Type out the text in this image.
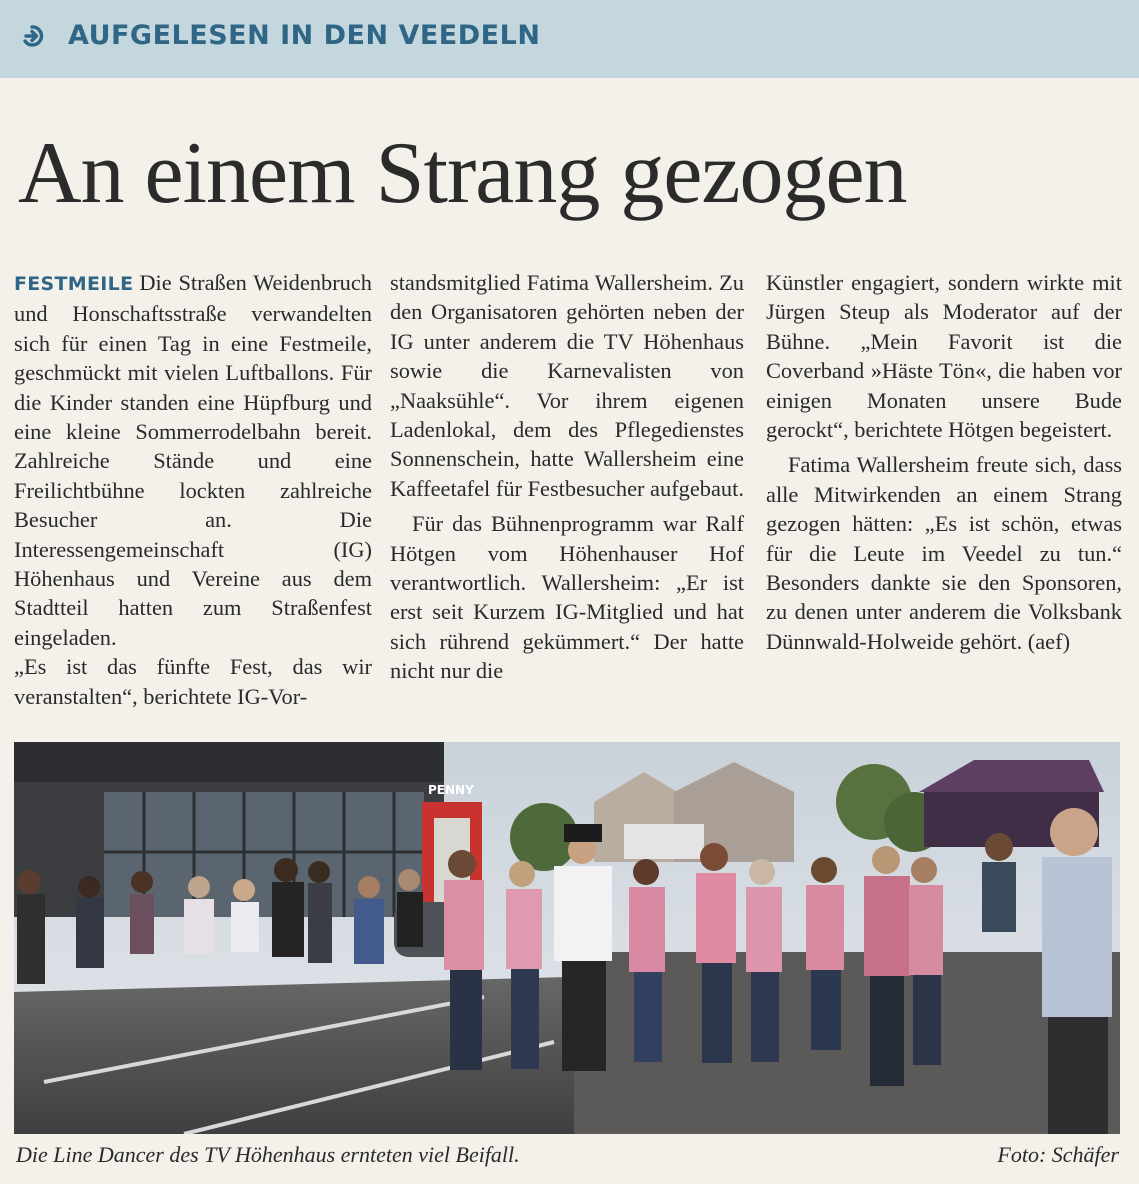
AUFGELESEN IN DEN VEEDELN
An einem Strang gezogen

FESTMEILE Die Straßen Weidenbruch und Honschaftsstraße verwandelten sich für einen Tag in eine Festmeile, geschmückt mit vielen Luftballons. Für die Kinder standen eine Hüpfburg und eine kleine Sommerrodelbahn bereit. Zahlreiche Stände und eine Freilichtbühne lockten zahlreiche Besucher an. Die Interessengemeinschaft (IG) Höhenhaus und Vereine aus dem Stadtteil hatten zum Straßenfest eingeladen.

„Es ist das fünfte Fest, das wir veranstalten“, berichtete IG-Vor-

standsmitglied Fatima Wallersheim. Zu den Organisatoren gehörten neben der IG unter anderem die TV Höhenhaus sowie die Karnevalisten von „Naaksühle“. Vor ihrem eigenen Ladenlokal, dem des Pflegedienstes Sonnenschein, hatte Wallersheim eine Kaffeetafel für Festbesucher aufgebaut.

Für das Bühnenprogramm war Ralf Hötgen vom Höhenhauser Hof verantwortlich. Wallersheim: „Er ist erst seit Kurzem IG-Mitglied und hat sich rührend gekümmert.“ Der hatte nicht nur die

Künstler engagiert, sondern wirkte mit Jürgen Steup als Moderator auf der Bühne. „Mein Favorit ist die Coverband »Häste Tön«, die haben vor einigen Monaten unsere Bude gerockt“, berichtete Hötgen begeistert.

Fatima Wallersheim freute sich, dass alle Mitwirkenden an einem Strang gezogen hätten: „Es ist schön, etwas für die Leute im Veedel zu tun.“ Besonders dankte sie den Sponsoren, zu denen unter anderem die Volksbank Dünnwald-Holweide gehört. (aef)

PENNY
Die Line Dancer des TV Höhenhaus ernteten viel Beifall.	Foto: Schäfer
